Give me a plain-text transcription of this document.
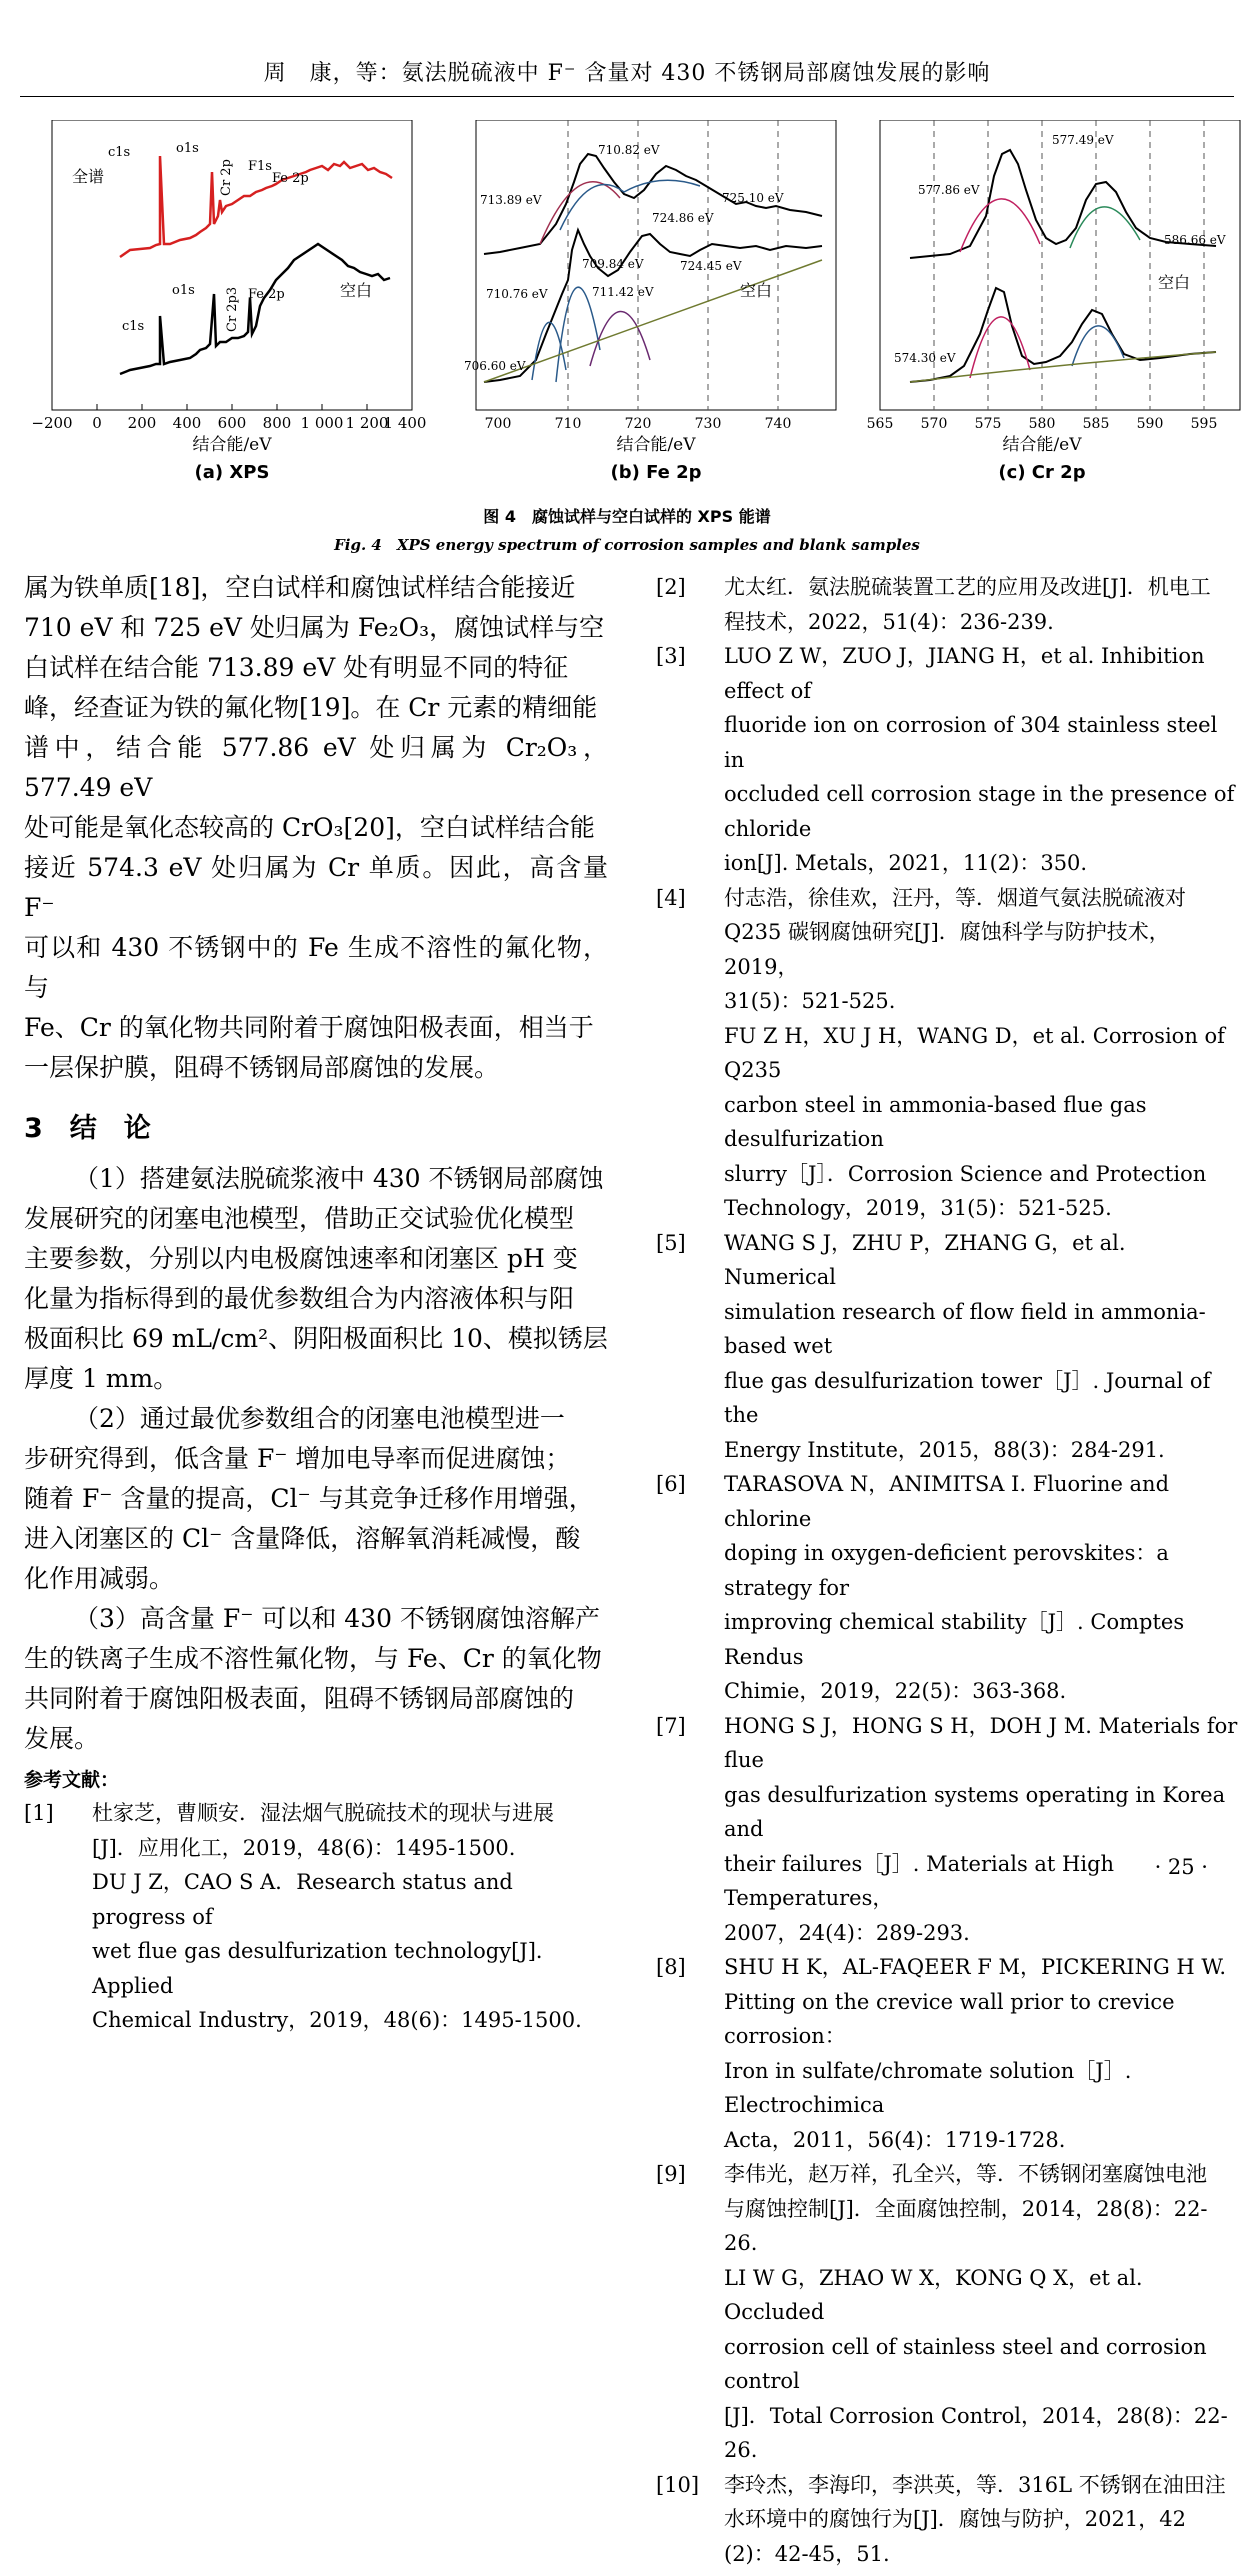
周　康，等：氨法脱硫液中 F⁻ 含量对 430 不锈钢局部腐蚀发展的影响
−200 0 200 400 600 800 1 000 1 200
1 400
结合能/eV
(a) XPS
全谱
空白
c1s	o1s
Cr 2p F1s
Fe 2p
c1s
o1s Cr 2p3 Fe 2p
700	710	720	730	740
结合能/eV
(b) Fe 2p
空白
710.82 eV
713.89 eV
724.86 eV
725.10 eV
709.84 eV	724.45 eV
710.76 eV	711.42 eV
706.60 eV
565 570 575 580 585 590 595
结合能/eV
(c) Cr 2p
空白
577.49 eV
577.86 eV
586.66 eV
574.30 eV
图 4　腐蚀试样与空白试样的 XPS 能谱
Fig. 4　XPS energy spectrum of corrosion samples and blank samples

属为铁单质[18]，空白试样和腐蚀试样结合能接近
710 eV 和 725 eV 处归属为 Fe₂O₃，腐蚀试样与空
白试样在结合能 713.89 eV 处有明显不同的特征
峰，经查证为铁的氟化物[19]。在 Cr 元素的精细能
谱中，结合能 577.86 eV 处归属为 Cr₂O₃，577.49 eV
处可能是氧化态较高的 CrO₃[20]，空白试样结合能
接近 574.3 eV 处归属为 Cr 单质。因此，高含量 F⁻
可以和 430 不锈钢中的 Fe 生成不溶性的氟化物，与
Fe、Cr 的氧化物共同附着于腐蚀阳极表面，相当于
一层保护膜，阻碍不锈钢局部腐蚀的发展。

3　结　论

（1）搭建氨法脱硫浆液中 430 不锈钢局部腐蚀
发展研究的闭塞电池模型，借助正交试验优化模型
主要参数，分别以内电极腐蚀速率和闭塞区 pH 变
化量为指标得到的最优参数组合为内溶液体积与阳
极面积比 69 mL/cm²、阴阳极面积比 10、模拟锈层
厚度 1 mm。

（2）通过最优参数组合的闭塞电池模型进一
步研究得到，低含量 F⁻ 增加电导率而促进腐蚀；
随着 F⁻ 含量的提高，Cl⁻ 与其竞争迁移作用增强，
进入闭塞区的 Cl⁻ 含量降低，溶解氧消耗减慢，酸
化作用减弱。

（3）高含量 F⁻ 可以和 430 不锈钢腐蚀溶解产
生的铁离子生成不溶性氟化物，与 Fe、Cr 的氧化物
共同附着于腐蚀阳极表面，阻碍不锈钢局部腐蚀的
发展。

参考文献：
[1] 杜家芝，曹顺安．湿法烟气脱硫技术的现状与进展
[J]．应用化工，2019，48(6)：1495-1500.
DU J Z，CAO S A．Research status and progress of
wet flue gas desulfurization technology[J]．Applied
Chemical Industry，2019，48(6)：1495-1500.
[2] 尤太红．氨法脱硫装置工艺的应用及改进[J]．机电工
程技术，2022，51(4)：236-239.
[3] LUO Z W，ZUO J，JIANG H，et al. Inhibition effect of
fluoride ion on corrosion of 304 stainless steel in
occluded cell corrosion stage in the presence of chloride
ion[J]. Metals，2021，11(2)：350.
[4] 付志浩，徐佳欢，汪丹，等．烟道气氨法脱硫液对
Q235 碳钢腐蚀研究[J]．腐蚀科学与防护技术，2019，
31(5)：521-525.
FU Z H，XU J H，WANG D，et al. Corrosion of Q235
carbon steel in ammonia-based flue gas desulfurization
slurry［J］．Corrosion Science and Protection
Technology，2019，31(5)：521-525.
[5] WANG S J，ZHU P，ZHANG G，et al. Numerical
simulation research of flow field in ammonia-based wet
flue gas desulfurization tower［J］. Journal of the
Energy Institute，2015，88(3)：284-291.
[6] TARASOVA N，ANIMITSA I. Fluorine and chlorine
doping in oxygen-deficient perovskites：a strategy for
improving chemical stability［J］. Comptes Rendus
Chimie，2019，22(5)：363-368.
[7] HONG S J，HONG S H，DOH J M. Materials for flue
gas desulfurization systems operating in Korea and
their failures［J］. Materials at High Temperatures，
2007，24(4)：289-293.
[8] SHU H K，AL-FAQEER F M，PICKERING H W.
Pitting on the crevice wall prior to crevice corrosion：
Iron in sulfate/chromate solution［J］. Electrochimica
Acta，2011，56(4)：1719-1728.
[9] 李伟光，赵万祥，孔全兴，等．不锈钢闭塞腐蚀电池
与腐蚀控制[J]．全面腐蚀控制，2014，28(8)：22-26.
LI W G，ZHAO W X，KONG Q X，et al. Occluded
corrosion cell of stainless steel and corrosion control
[J]．Total Corrosion Control，2014，28(8)：22-26.
[10] 李玲杰，李海印，李洪英，等．316L 不锈钢在油田注
水环境中的腐蚀行为[J]．腐蚀与防护，2021，42
(2)：42-45，51.
· 25 ·
